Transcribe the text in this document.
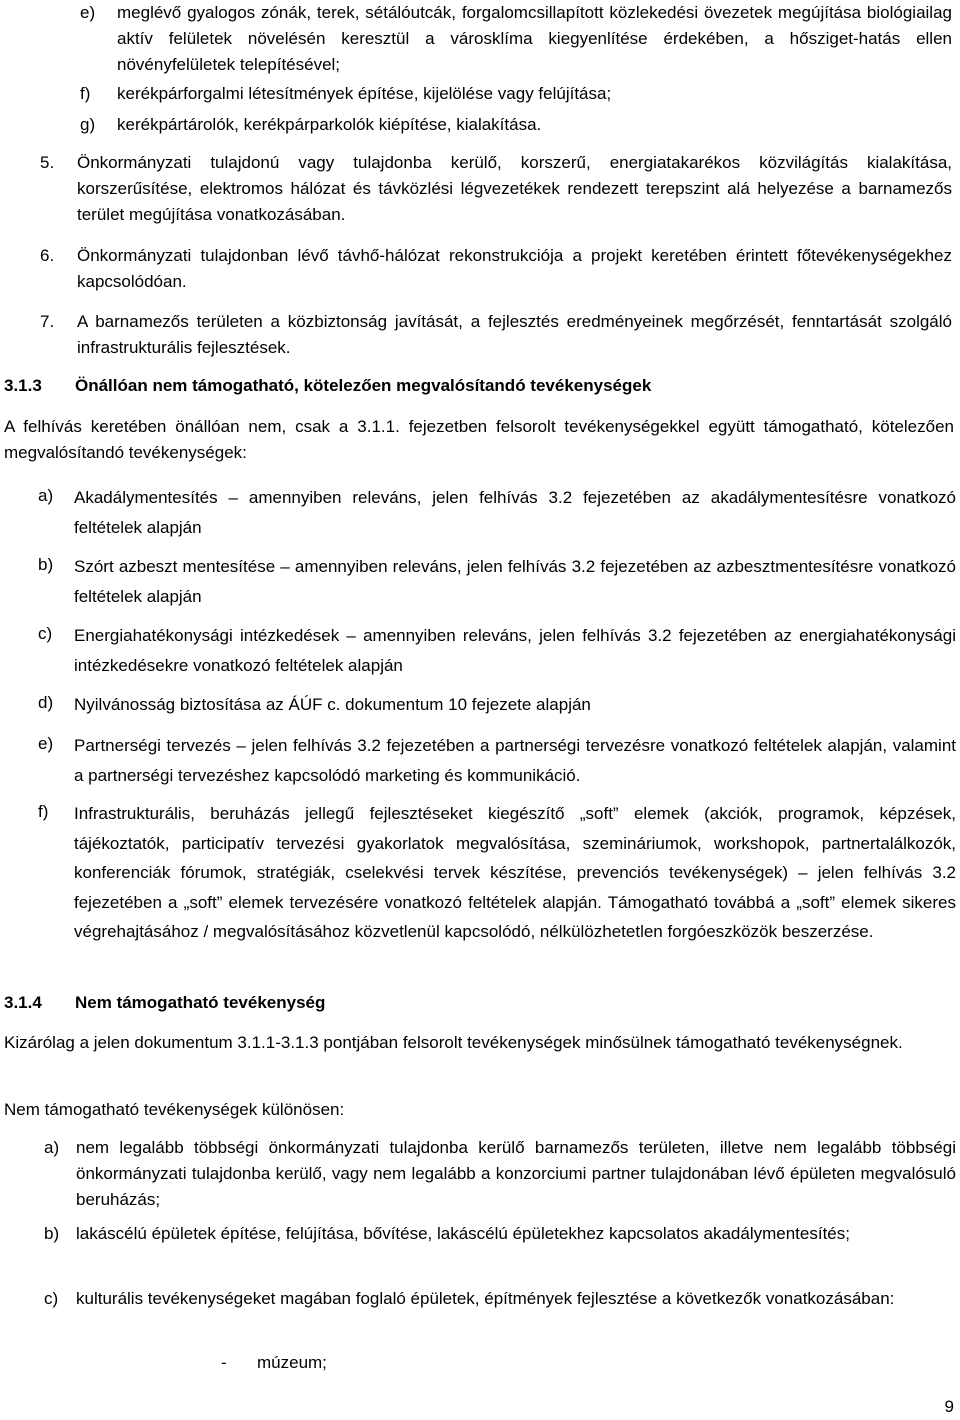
e) meglévő gyalogos zónák, terek, sétálóutcák, forgalomcsillapított közlekedési övezetek megújítása biológiailag aktív felületek növelésén keresztül a városklíma kiegyenlítése érdekében, a hősziget-hatás ellen növényfelületek telepítésével;
f) kerékpárforgalmi létesítmények építése, kijelölése vagy felújítása;
g) kerékpártárolók, kerékpárparkolók kiépítése, kialakítása.
5. Önkormányzati tulajdonú vagy tulajdonba kerülő, korszerű, energiatakarékos közvilágítás kialakítása, korszerűsítése, elektromos hálózat és távközlési légvezetékek rendezett terepszint alá helyezése a barnamezős terület megújítása vonatkozásában.
6. Önkormányzati tulajdonban lévő távhő-hálózat rekonstrukciója a projekt keretében érintett főtevékenységekhez kapcsolódóan.
7. A barnamezős területen a közbiztonság javítását, a fejlesztés eredményeinek megőrzését, fenntartását szolgáló infrastrukturális fejlesztések.
3.1.3 Önállóan nem támogatható, kötelezően megvalósítandó tevékenységek
A felhívás keretében önállóan nem, csak a 3.1.1. fejezetben felsorolt tevékenységekkel együtt támogatható, kötelezően megvalósítandó tevékenységek:
a) Akadálymentesítés – amennyiben releváns, jelen felhívás 3.2 fejezetében az akadálymentesítésre vonatkozó feltételek alapján
b) Szórt azbeszt mentesítése – amennyiben releváns, jelen felhívás 3.2 fejezetében az azbesztmentesítésre vonatkozó feltételek alapján
c) Energiahatékonysági intézkedések – amennyiben releváns, jelen felhívás 3.2 fejezetében az energiahatékonysági intézkedésekre vonatkozó feltételek alapján
d) Nyilvánosság biztosítása az ÁÚF c. dokumentum 10 fejezete alapján
e) Partnerségi tervezés – jelen felhívás 3.2 fejezetében a partnerségi tervezésre vonatkozó feltételek alapján, valamint a partnerségi tervezéshez kapcsolódó marketing és kommunikáció.
f) Infrastrukturális, beruházás jellegű fejlesztéseket kiegészítő „soft” elemek (akciók, programok, képzések, tájékoztatók, participatív tervezési gyakorlatok megvalósítása, szemináriumok, workshopok, partnertalálkozók, konferenciák fórumok, stratégiák, cselekvési tervek készítése, prevenciós tevékenységek) – jelen felhívás 3.2 fejezetében a „soft” elemek tervezésére vonatkozó feltételek alapján. Támogatható továbbá a „soft” elemek sikeres végrehajtásához / megvalósításához közvetlenül kapcsolódó, nélkülözhetetlen forgóeszközök beszerzése.
3.1.4 Nem támogatható tevékenység
Kizárólag a jelen dokumentum 3.1.1-3.1.3 pontjában felsorolt tevékenységek minősülnek támogatható tevékenységnek.
Nem támogatható tevékenységek különösen:
a) nem legalább többségi önkormányzati tulajdonba kerülő barnamezős területen, illetve nem legalább többségi önkormányzati tulajdonba kerülő, vagy nem legalább a konzorciumi partner tulajdonában lévő épületen megvalósuló beruházás;
b) lakáscélú épületek építése, felújítása, bővítése, lakáscélú épületekhez kapcsolatos akadálymentesítés;
c) kulturális tevékenységeket magában foglaló épületek, építmények fejlesztése a következők vonatkozásában:
- múzeum;
9
